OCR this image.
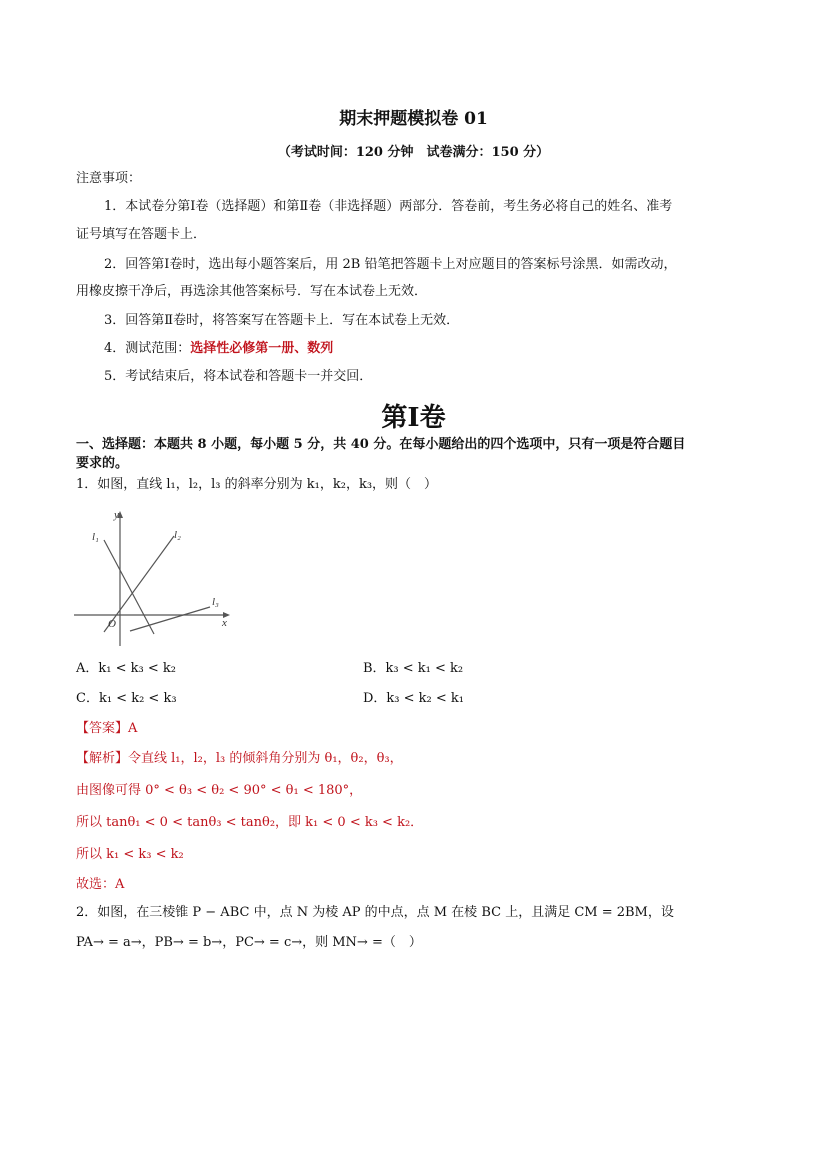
期末押题模拟卷 01
（考试时间：120 分钟　试卷满分：150 分）
注意事项：
1．本试卷分第Ⅰ卷（选择题）和第Ⅱ卷（非选择题）两部分．答卷前，考生务必将自己的姓名、准考
证号填写在答题卡上．
2．回答第Ⅰ卷时，选出每小题答案后，用 2B 铅笔把答题卡上对应题目的答案标号涂黑．如需改动，
用橡皮擦干净后，再选涂其他答案标号．写在本试卷上无效．
3．回答第Ⅱ卷时，将答案写在答题卡上．写在本试卷上无效．
4．测试范围：选择性必修第一册、数列
5．考试结束后，将本试卷和答题卡一并交回．
第Ⅰ卷
一、选择题：本题共 8 小题，每小题 5 分，共 40 分。在每小题给出的四个选项中，只有一项是符合题目
要求的。
1．如图，直线 l₁，l₂，l₃ 的斜率分别为 k₁，k₂，k₃，则（　）
y
x
O
l₁	l₂
l₃
A．k₁ < k₃ < k₂	B．k₃ < k₁ < k₂
C．k₁ < k₂ < k₃	D．k₃ < k₂ < k₁
【答案】A
【解析】令直线 l₁，l₂，l₃ 的倾斜角分别为 θ₁，θ₂，θ₃，
由图像可得 0° < θ₃ < θ₂ < 90° < θ₁ < 180°，
所以 tanθ₁ < 0 < tanθ₃ < tanθ₂，即 k₁ < 0 < k₃ < k₂．
所以 k₁ < k₃ < k₂
故选：A
2．如图，在三棱锥 P − ABC 中，点 N 为棱 AP 的中点，点 M 在棱 BC 上，且满足 CM = 2BM，设
PA→ = a→，PB→ = b→，PC→ = c→，则 MN→ =（　）
